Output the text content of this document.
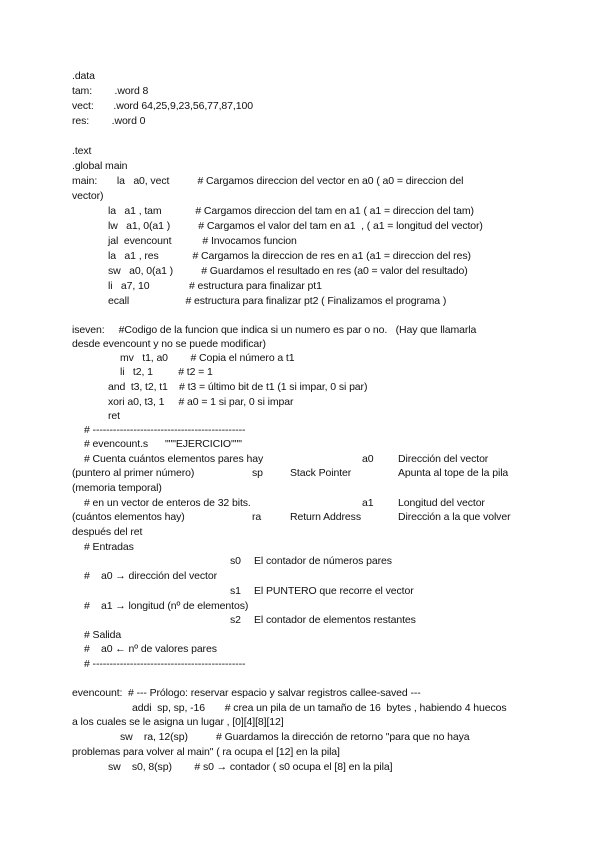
.data
tam:        .word 8
vect:       .word 64,25,9,23,56,77,87,100
res:        .word 0
.text
.global main
main:       la   a0, vect          # Cargamos direccion del vector en a0 ( a0 = direccion del
vector)
la   a1 , tam            # Cargamos direccion del tam en a1 ( a1 = direccion del tam)
lw   a1, 0(a1 )          # Cargamos el valor del tam en a1  , ( a1 = longitud del vector)
jal  evencount           # Invocamos funcion
la   a1 , res            # Cargamos la direccion de res en a1 (a1 = direccion del res)
sw   a0, 0(a1 )          # Guardamos el resultado en res (a0 = valor del resultado)
li   a7, 10              # estructura para finalizar pt1
ecall                    # estructura para finalizar pt2 ( Finalizamos el programa )
iseven:     #Codigo de la funcion que indica si un numero es par o no.   (Hay que llamarla
desde evencount y no se puede modificar)
mv   t1, a0        # Copia el número a t1
li   t2, 1         # t2 = 1
and  t3, t2, t1    # t3 = último bit de t1 (1 si impar, 0 si par)
xori a0, t3, 1     # a0 = 1 si par, 0 si impar
ret
# ---------------------------------------------
# evencount.s      """EJERCICIO"""
# Cuenta cuántos elementos pares hay	a0 Dirección del vector
(puntero al primer número)	sp	Stack Pointer	Apunta al tope de la pila
(memoria temporal)
# en un vector de enteros de 32 bits.	a1 Longitud del vector
(cuántos elementos hay)	ra	Return Address	Dirección a la que volver
después del ret
# Entradas
s0 El contador de números pares
#    a0 → dirección del vector
s1 El PUNTERO que recorre el vector
#    a1 → longitud (nº de elementos)
s2 El contador de elementos restantes
# Salida
#    a0 ← nº de valores pares
# ---------------------------------------------
evencount:  # --- Prólogo: reservar espacio y salvar registros callee-saved ---
addi  sp, sp, -16       # crea un pila de un tamaño de 16  bytes , habiendo 4 huecos
a los cuales se le asigna un lugar , [0][4][8][12]
sw    ra, 12(sp)          # Guardamos la dirección de retorno "para que no haya
problemas para volver al main" ( ra ocupa el [12] en la pila]
sw    s0, 8(sp)        # s0 → contador ( s0 ocupa el [8] en la pila]
